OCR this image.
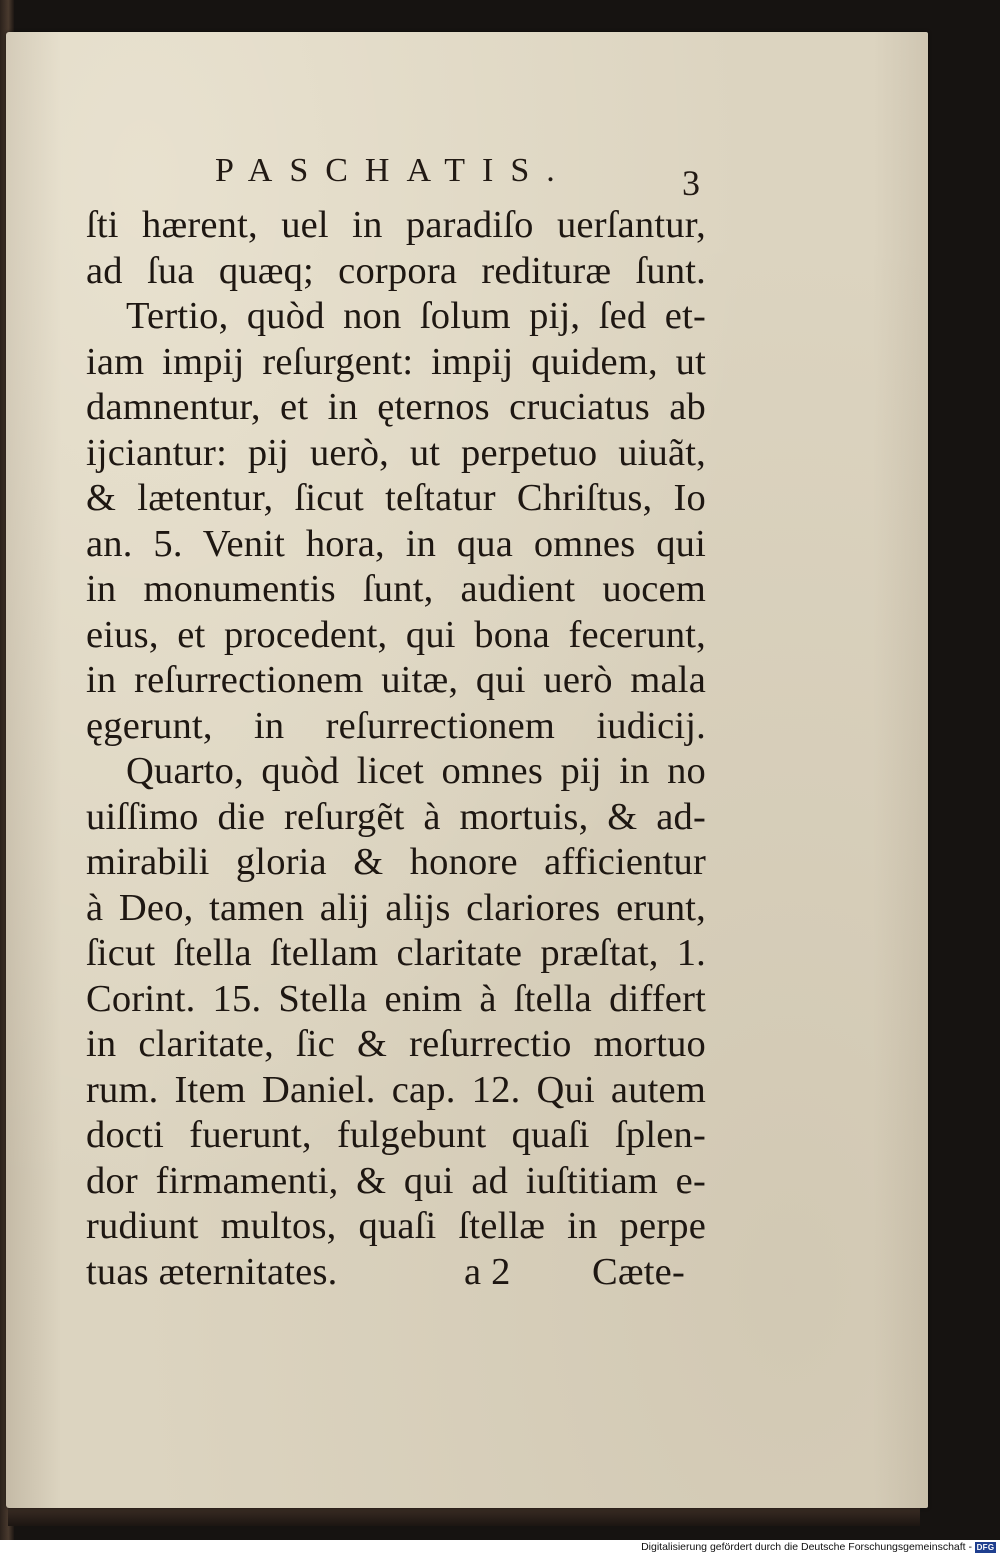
PASCHATIS.	3
ſti hærent, uel in paradiſo uerſantur,
ad ſua quæq; corpora redituræ ſunt.
Tertio, quòd non ſolum pij, ſed et-
iam impij reſurgent: impij quidem, ut
damnentur, et in ęternos cruciatus ab
ijciantur: pij uerò, ut perpetuo uiuãt,
& lætentur, ſicut teſtatur Chriſtus, Io
an. 5. Venit hora, in qua omnes qui
in monumentis ſunt, audient uocem
eius, et procedent, qui bona fecerunt,
in reſurrectionem uitæ, qui uerò mala
ęgerunt, in reſurrectionem iudicij.
Quarto, quòd licet omnes pij in no
uiſſimo die reſurgẽt à mortuis, & ad-
mirabili gloria & honore afficientur
à Deo, tamen alij alijs clariores erunt,
ſicut ſtella ſtellam claritate præſtat, 1.
Corint. 15. Stella enim à ſtella differt
in claritate, ſic & reſurrectio mortuo
rum. Item Daniel. cap. 12. Qui autem
docti fuerunt, fulgebunt quaſi ſplen-
dor firmamenti, & qui ad iuſtitiam e-
rudiunt multos, quaſi ſtellæ in perpe
tuas æternitates.	a 2 Cæte-
Digitalisierung gefördert durch die Deutsche Forschungsgemeinschaft - DFG
